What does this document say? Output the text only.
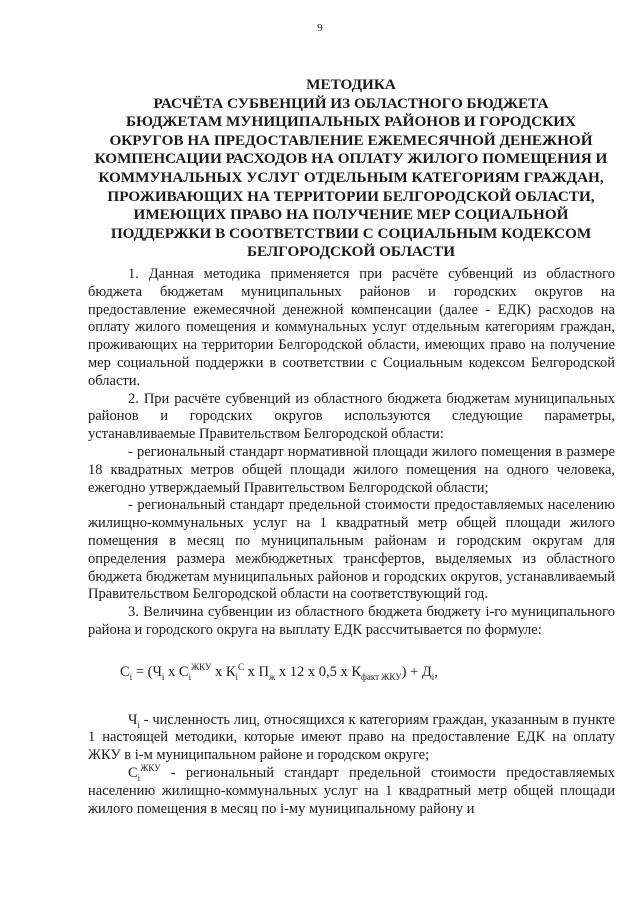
9
МЕТОДИКА
РАСЧЁТА СУБВЕНЦИЙ ИЗ ОБЛАСТНОГО БЮДЖЕТА
БЮДЖЕТАМ МУНИЦИПАЛЬНЫХ РАЙОНОВ И ГОРОДСКИХ
ОКРУГОВ НА ПРЕДОСТАВЛЕНИЕ ЕЖЕМЕСЯЧНОЙ ДЕНЕЖНОЙ
КОМПЕНСАЦИИ РАСХОДОВ НА ОПЛАТУ ЖИЛОГО ПОМЕЩЕНИЯ И
КОММУНАЛЬНЫХ УСЛУГ ОТДЕЛЬНЫМ КАТЕГОРИЯМ ГРАЖДАН,
ПРОЖИВАЮЩИХ НА ТЕРРИТОРИИ БЕЛГОРОДСКОЙ ОБЛАСТИ,
ИМЕЮЩИХ ПРАВО НА ПОЛУЧЕНИЕ МЕР СОЦИАЛЬНОЙ
ПОДДЕРЖКИ В СООТВЕТСТВИИ С СОЦИАЛЬНЫМ КОДЕКСОМ
БЕЛГОРОДСКОЙ ОБЛАСТИ

1. Данная методика применяется при расчёте субвенций из областного бюджета бюджетам муниципальных районов и городских округов на предоставление ежемесячной денежной компенсации (далее - ЕДК) расходов на оплату жилого помещения и коммунальных услуг отдельным категориям граждан, проживающих на территории Белгородской области, имеющих право на получение мер социальной поддержки в соответствии с Социальным кодексом Белгородской области.

2. При расчёте субвенций из областного бюджета бюджетам муниципальных районов и городских округов используются следующие параметры, устанавливаемые Правительством Белгородской области:

- региональный стандарт нормативной площади жилого помещения в размере 18 квадратных метров общей площади жилого помещения на одного человека, ежегодно утверждаемый Правительством Белгородской области;

- региональный стандарт предельной стоимости предоставляемых населению жилищно-коммунальных услуг на 1 квадратный метр общей площади жилого помещения в месяц по муниципальным районам и городским округам для определения размера межбюджетных трансфертов, выделяемых из областного бюджета бюджетам муниципальных районов и городских округов, устанавливаемый Правительством Белгородской области на соответствующий год.

3. Величина субвенции из областного бюджета бюджету i-го муниципального района и городского округа на выплату ЕДК рассчитывается по формуле:

$C_i = (Ч_i$ x $С_i^{ЖКУ}$ x $К_i^С$ x $П_ж$ x 12 x 0,5 x $К_{факт ЖКУ}) + Д_i$,

$Ч_i$ - численность лиц, относящихся к категориям граждан, указанным в пункте 1 настоящей методики, которые имеют право на предоставление ЕДК на оплату ЖКУ в i-м муниципальном районе и городском округе;

$С_i^{ЖКУ}$ - региональный стандарт предельной стоимости предоставляемых населению жилищно-коммунальных услуг на 1 квадратный метр общей площади жилого помещения в месяц по i-му муниципальному району и
